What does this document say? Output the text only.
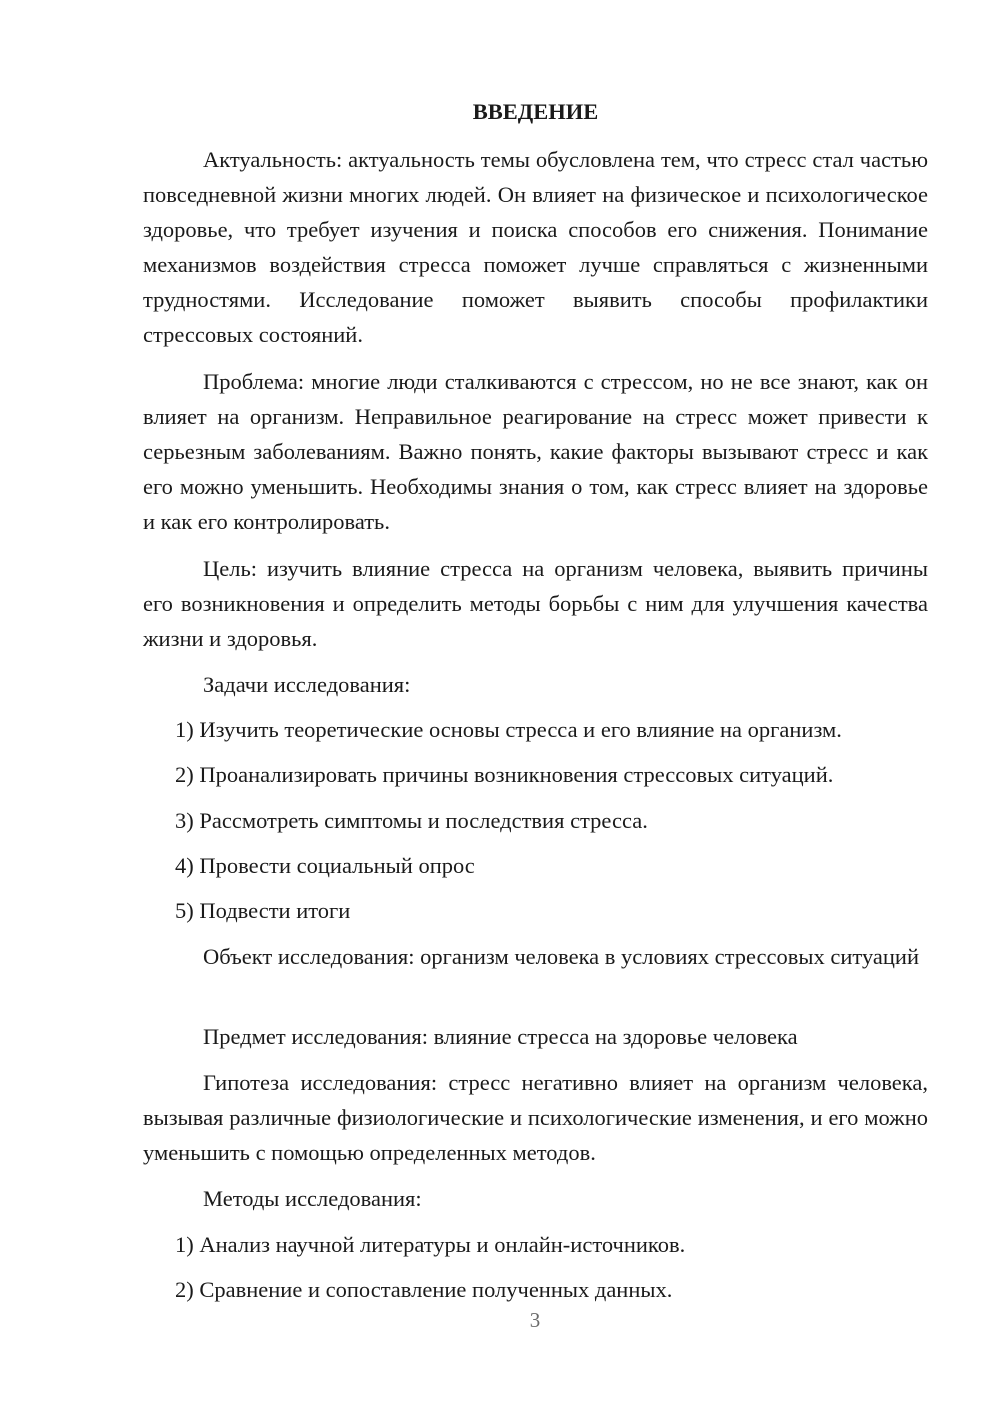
ВВЕДЕНИЕ

Актуальность: актуальность темы обусловлена тем, что стресс стал частью повседневной жизни многих людей. Он влияет на физическое и психологическое здоровье, что требует изучения и поиска способов его снижения. Понимание механизмов воздействия стресса поможет лучше справляться с жизненными трудностями. Исследование поможет выявить способы профилактики стрессовых состояний.

Проблема: многие люди сталкиваются с стрессом, но не все знают, как он влияет на организм. Неправильное реагирование на стресс может привести к серьезным заболеваниям. Важно понять, какие факторы вызывают стресс и как его можно уменьшить. Необходимы знания о том, как стресс влияет на здоровье и как его контролировать.

Цель: изучить влияние стресса на организм человека, выявить причины его возникновения и определить методы борьбы с ним для улучшения качества жизни и здоровья.

Задачи исследования:

1) Изучить теоретические основы стресса и его влияние на организм.

2) Проанализировать причины возникновения стрессовых ситуаций.

3) Рассмотреть симптомы и последствия стресса.

4) Провести социальный опрос

5) Подвести итоги

Объект исследования: организм человека в условиях стрессовых ситуаций

Предмет исследования: влияние стресса на здоровье человека

Гипотеза исследования: стресс негативно влияет на организм человека, вызывая различные физиологические и психологические изменения, и его можно уменьшить с помощью определенных методов.

Методы исследования:

1) Анализ научной литературы и онлайн-источников.

2) Сравнение и сопоставление полученных данных.

3
